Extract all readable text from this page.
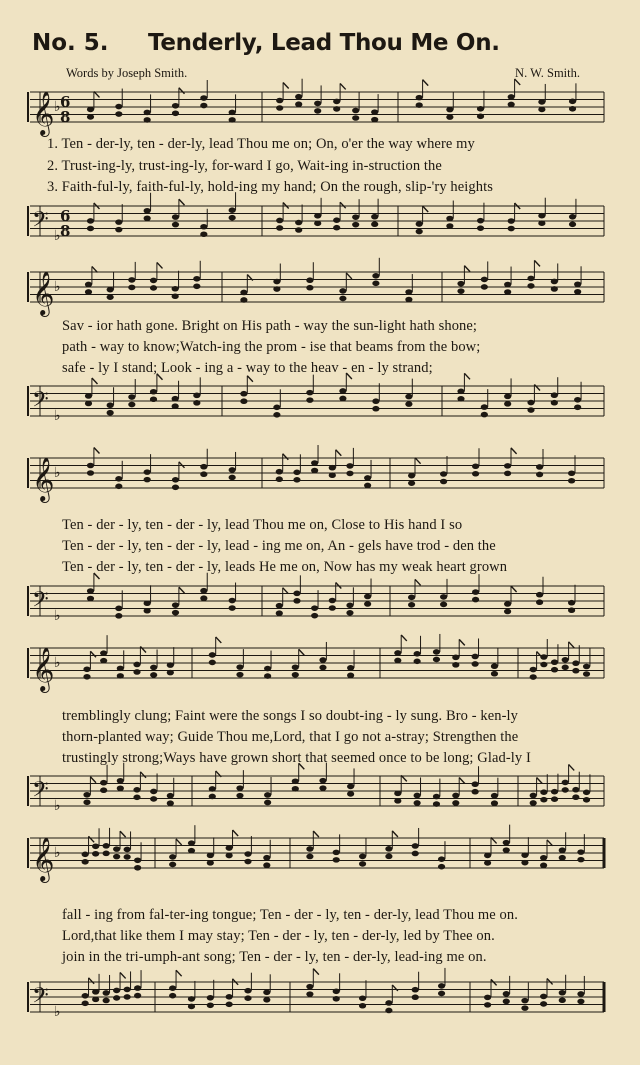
No. 5. Tenderly, Lead Thou Me On.
Words by Joseph Smith.	N. W. Smith.
𝄞 ♭ 6
8
1. Ten - der-ly, ten - der-ly, lead Thou me on; On, o'er the way where my
2. Trust-ing-ly, trust-ing-ly, for-ward I go, Wait-ing in-struction the
3. Faith-ful-ly, faith-ful-ly, hold-ing my hand; On the rough, slip-'ry heights
𝄢 ♭
6
8
𝄞 ♭
Sav - ior hath gone. Bright on His path - way the sun-light hath shone;
path - way to know;Watch-ing the prom - ise that beams from the bow;
safe - ly I stand; Look - ing a - way to the heav - en - ly strand;
𝄢 ♭
𝄞 ♭
Ten - der - ly, ten - der - ly, lead Thou me on, Close to His hand I so
Ten - der - ly, ten - der - ly, lead - ing me on, An - gels have trod - den the
Ten - der - ly, ten - der - ly, leads He me on, Now has my weak heart grown
𝄢 ♭
𝄞 ♭
tremblingly clung; Faint were the songs I so doubt-ing - ly sung. Bro - ken-ly
thorn-planted way; Guide Thou me,Lord, that I go not a-stray; Strengthen the
trustingly strong;Ways have grown short that seemed once to be long; Glad-ly I
𝄢 ♭
𝄞 ♭
fall - ing from fal-ter-ing tongue; Ten - der - ly, ten - der-ly, lead Thou me on.
Lord,that like them I may stay; Ten - der - ly, ten - der-ly, led by Thee on.
join in the tri-umph-ant song; Ten - der - ly, ten - der-ly, lead-ing me on.
𝄢 ♭
